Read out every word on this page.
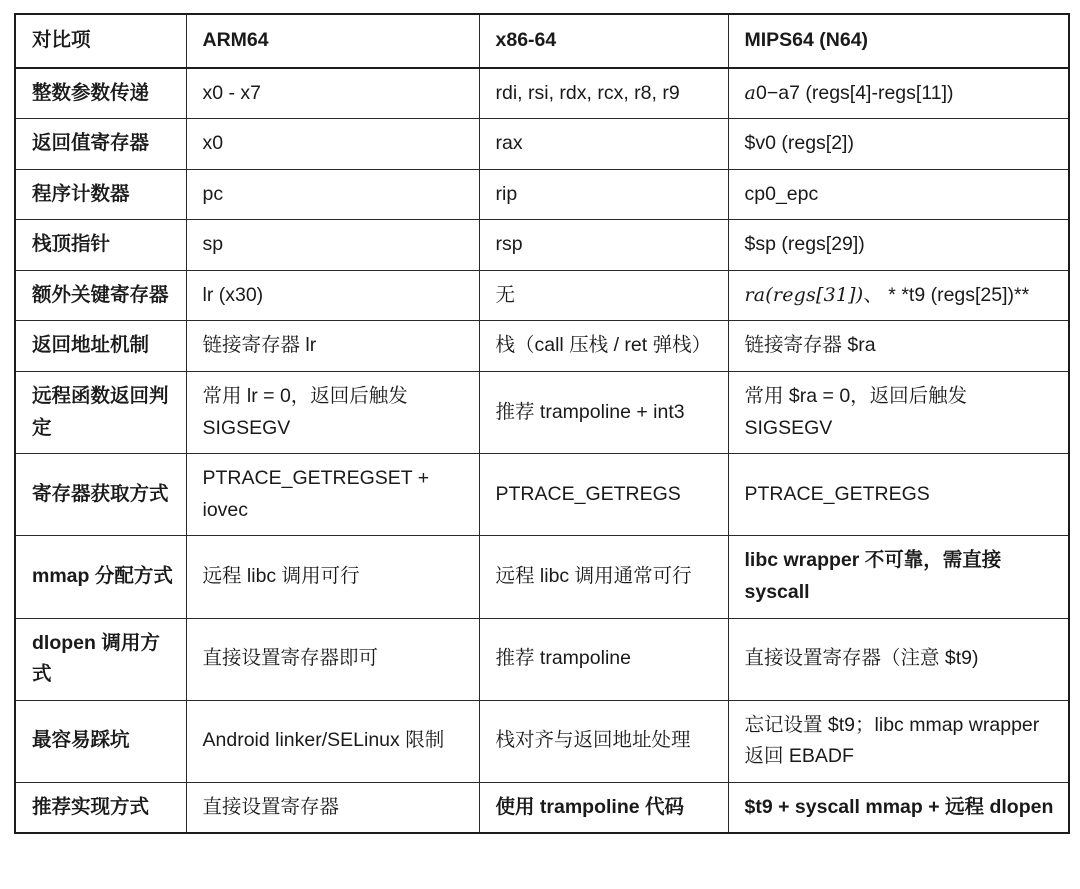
对比项	ARM64	x86-64	MIPS64 (N64)
整数参数传递	x0 - x7	rdi, rsi, rdx, rcx, r8, r9	a0−a7 (regs[4]-regs[11])
返回值寄存器	x0	rax	$v0 (regs[2])
程序计数器	pc	rip	cp0_epc
栈顶指针	sp	rsp	$sp (regs[29])
额外关键寄存器	lr (x30)	无	ra(regs[31])、 * *t9 (regs[25])**
返回地址机制	链接寄存器 lr	栈（call 压栈 / ret 弹栈）	链接寄存器 $ra
远程函数返回判定	常用 lr = 0，返回后触发 SIGSEGV	推荐 trampoline + int3	常用 $ra = 0，返回后触发 SIGSEGV
寄存器获取方式	PTRACE_GETREGSET + iovec	PTRACE_GETREGS	PTRACE_GETREGS
mmap 分配方式	远程 libc 调用可行	远程 libc 调用通常可行	libc wrapper 不可靠，需直接 syscall
dlopen 调用方式	直接设置寄存器即可	推荐 trampoline	直接设置寄存器（注意 $t9)
最容易踩坑	Android linker/SELinux 限制	栈对齐与返回地址处理	忘记设置 $t9；libc mmap wrapper 返回 EBADF
推荐实现方式	直接设置寄存器	使用 trampoline 代码	$t9 + syscall mmap + 远程 dlopen
